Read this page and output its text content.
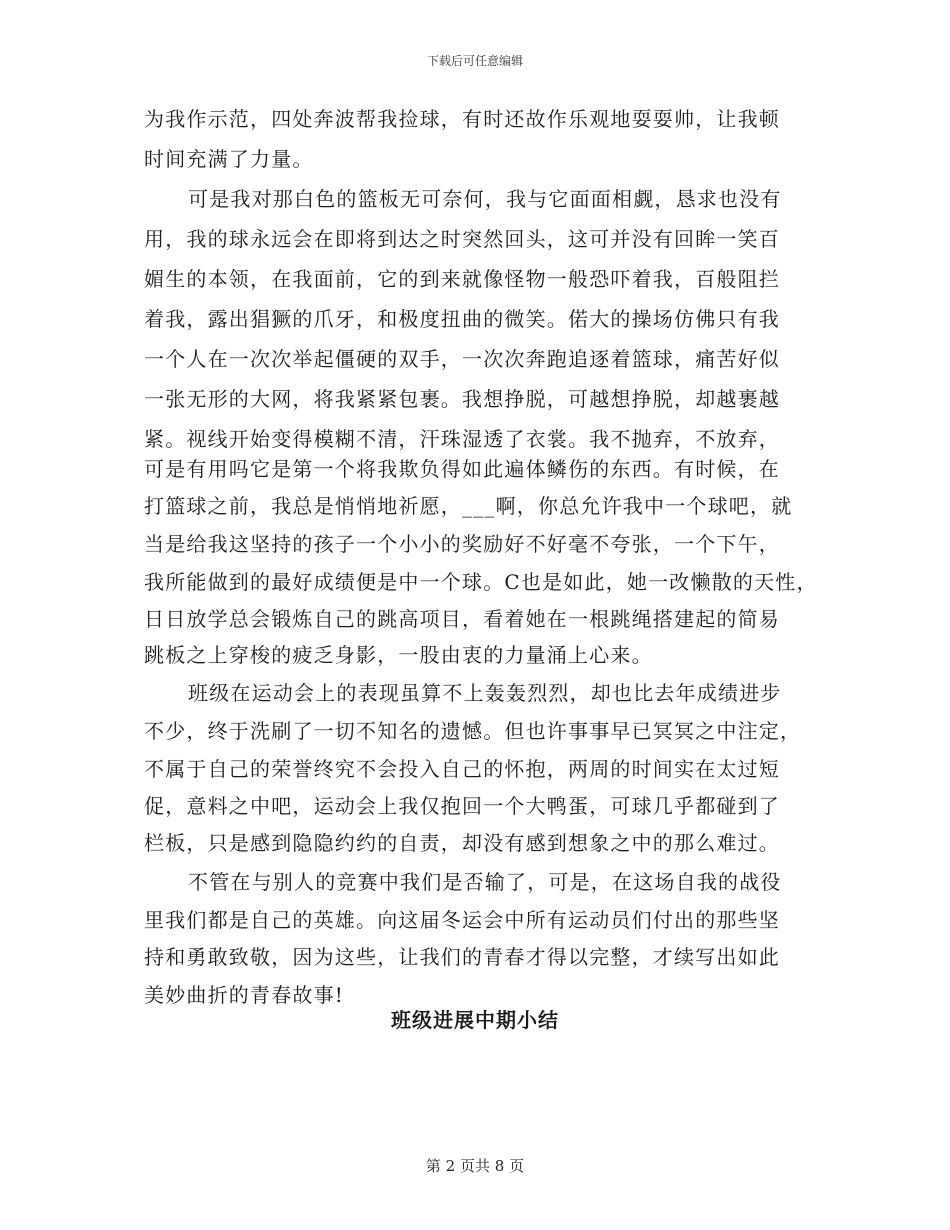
下载后可任意编辑
为我作示范，四处奔波帮我捡球，有时还故作乐观地耍耍帅，让我顿
时间充满了力量。
可是我对那白色的篮板无可奈何，我与它面面相觑，恳求也没有
用，我的球永远会在即将到达之时突然回头，这可并没有回眸一笑百
媚生的本领，在我面前，它的到来就像怪物一般恐吓着我，百般阻拦
着我，露出猖獗的爪牙，和极度扭曲的微笑。偌大的操场仿佛只有我
一个人在一次次举起僵硬的双手，一次次奔跑追逐着篮球，痛苦好似
一张无形的大网，将我紧紧包裹。我想挣脱，可越想挣脱，却越裹越
紧。视线开始变得模糊不清，汗珠湿透了衣裳。我不抛弃，不放弃，
可是有用吗它是第一个将我欺负得如此遍体鳞伤的东西。有时候，在
打篮球之前，我总是悄悄地祈愿，___啊，你总允许我中一个球吧，就
当是给我这坚持的孩子一个小小的奖励好不好毫不夸张，一个下午，
我所能做到的最好成绩便是中一个球。C也是如此，她一改懒散的天性，
日日放学总会锻炼自己的跳高项目，看着她在一根跳绳搭建起的简易
跳板之上穿梭的疲乏身影，一股由衷的力量涌上心来。
班级在运动会上的表现虽算不上轰轰烈烈，却也比去年成绩进步
不少，终于洗刷了一切不知名的遗憾。但也许事事早已冥冥之中注定，
不属于自己的荣誉终究不会投入自己的怀抱，两周的时间实在太过短
促，意料之中吧，运动会上我仅抱回一个大鸭蛋，可球几乎都碰到了
栏板，只是感到隐隐约约的自责，却没有感到想象之中的那么难过。
不管在与别人的竞赛中我们是否输了，可是，在这场自我的战役
里我们都是自己的英雄。向这届冬运会中所有运动员们付出的那些坚
持和勇敢致敬，因为这些，让我们的青春才得以完整，才续写出如此
美妙曲折的青春故事!
班级进展中期小结
第 2 页共 8 页
